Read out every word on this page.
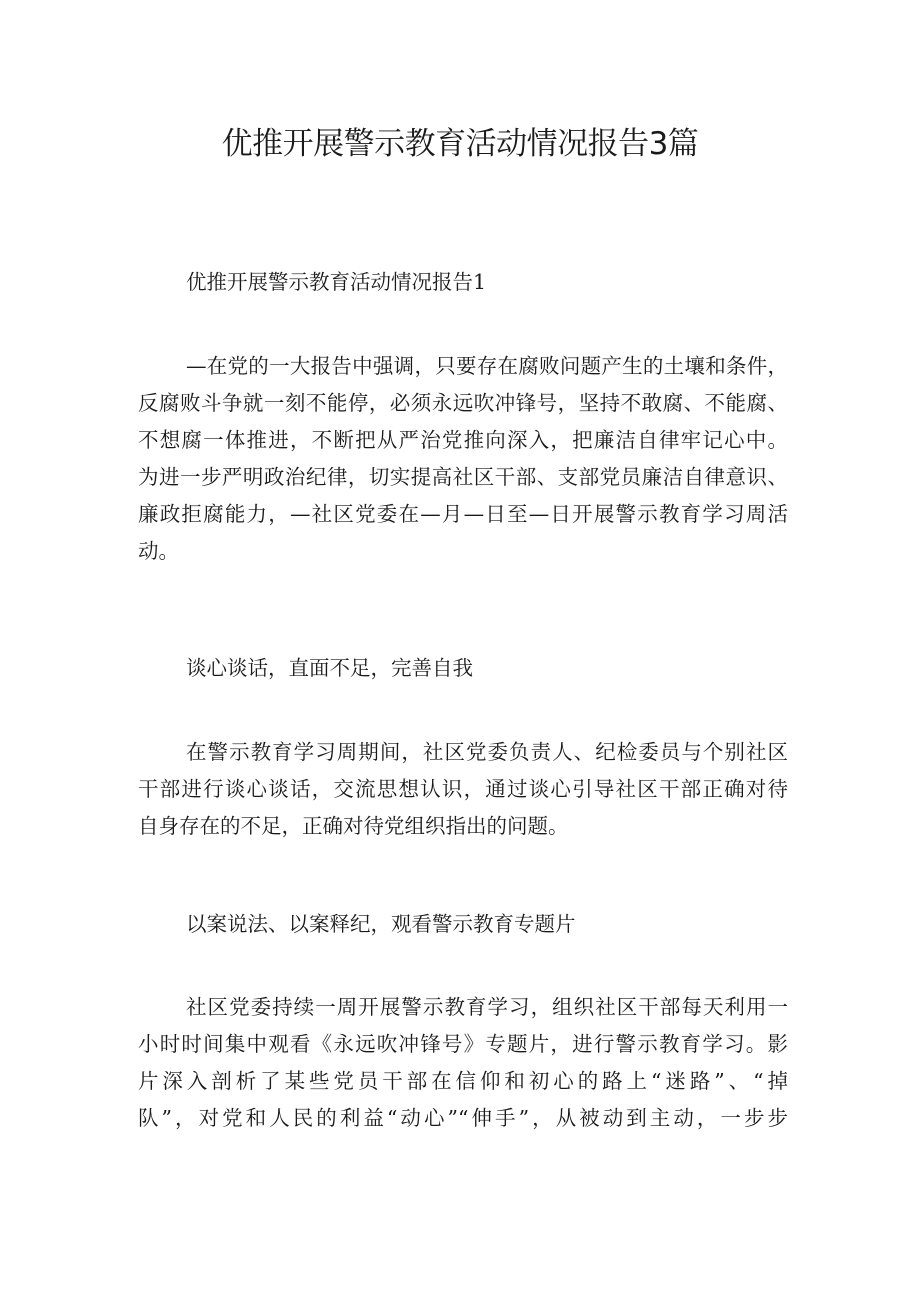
优推开展警示教育活动情况报告3篇

优推开展警示教育活动情况报告1

—在党的一大报告中强调，只要存在腐败问题产生的土壤和条件，
反腐败斗争就一刻不能停，必须永远吹冲锋号，坚持不敢腐、不能腐、
不想腐一体推进，不断把从严治党推向深入，把廉洁自律牢记心中。
为进一步严明政治纪律，切实提高社区干部、支部党员廉洁自律意识、
廉政拒腐能力，—社区党委在—月—日至—日开展警示教育学习周活
动。

谈心谈话，直面不足，完善自我

在警示教育学习周期间，社区党委负责人、纪检委员与个别社区
干部进行谈心谈话，交流思想认识，通过谈心引导社区干部正确对待
自身存在的不足，正确对待党组织指出的问题。

以案说法、以案释纪，观看警示教育专题片

社区党委持续一周开展警示教育学习，组织社区干部每天利用一
小时时间集中观看《永远吹冲锋号》专题片，进行警示教育学习。影
片深入剖析了某些党员干部在信仰和初心的路上“迷路”、“掉
队”，对党和人民的利益“动心”“伸手”，从被动到主动，一步步
